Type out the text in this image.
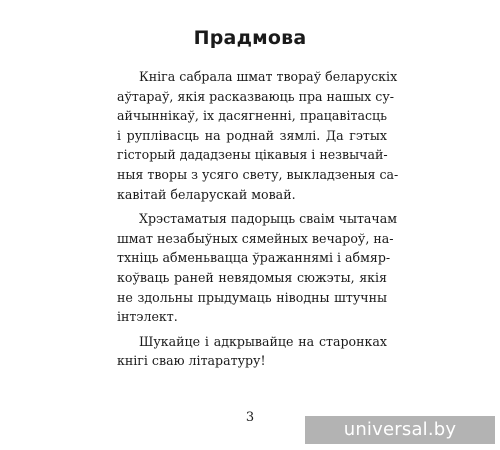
Прадмова

Кніга сабрала шмат твораў беларускіх
аўтараў, якія расказваюць пра нашых су-
айчыннікаў, іх дасягненні, працавітасць
і руплівасць на роднай зямлі. Да гэтых
гісторый дададзены цікавыя і незвычай-
ныя творы з усяго свету, выкладзеныя са-
кавітай беларускай мовай.

Хрэстаматыя падорыць сваім чытачам
шмат незабыўных сямейных вечароў, на-
тхніць абменьвацца ўражаннямі і абмяр-
коўваць раней невядомыя сюжэты, якія
не здольны прыдумаць ніводны штучны
інтэлект.

Шукайце і адкрывайце на старонках
кнігі сваю літаратуру!

3
universal.by
